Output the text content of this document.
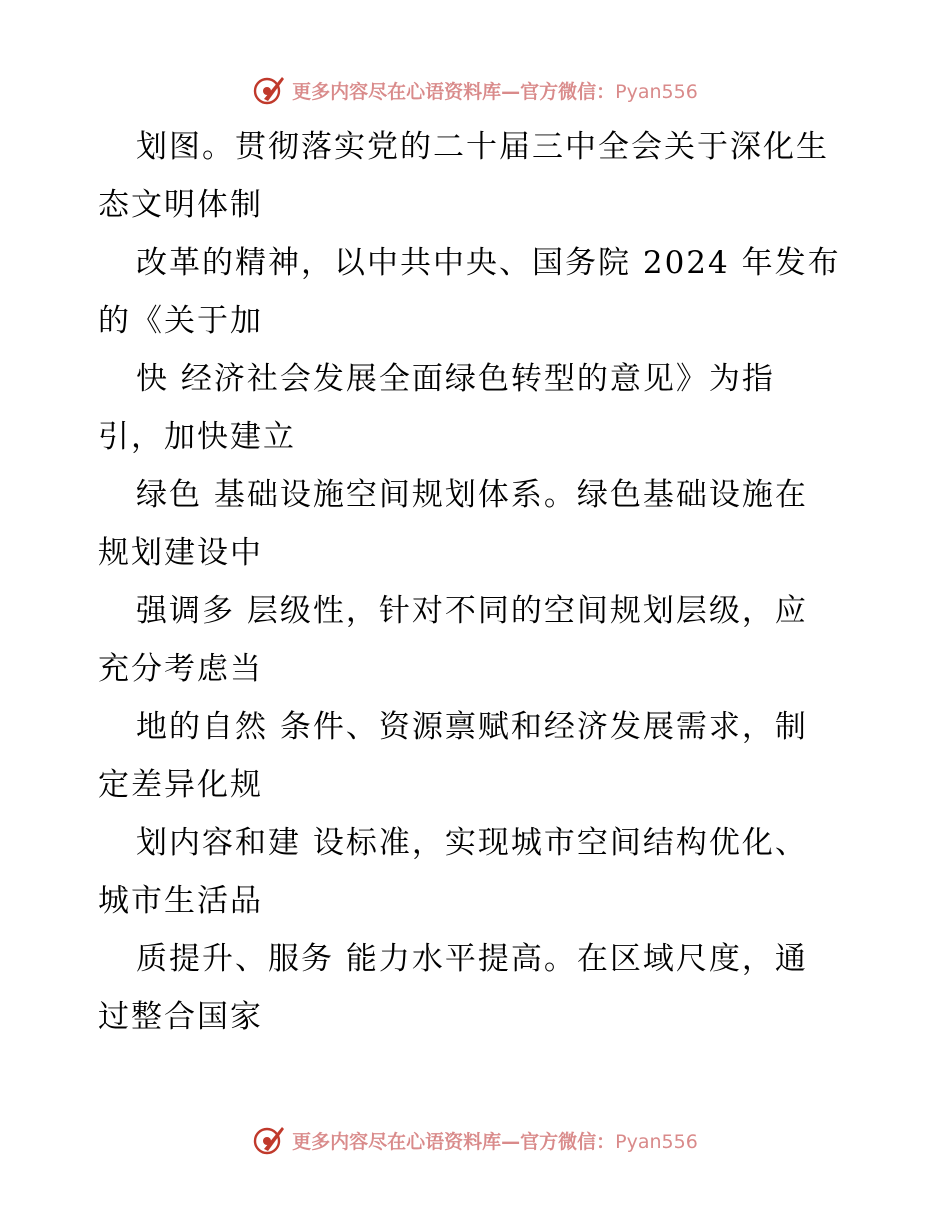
更多内容尽在心语资料库—官方微信：Pyan556
划图。贯彻落实党的二十届三中全会关于深化生
态文明体制
改革的精神，以中共中央、国务院 2024 年发布
的《关于加
快 经济社会发展全面绿色转型的意见》为指
引，加快建立
绿色 基础设施空间规划体系。绿色基础设施在
规划建设中
强调多 层级性，针对不同的空间规划层级，应
充分考虑当
地的自然 条件、资源禀赋和经济发展需求，制
定差异化规
划内容和建 设标准，实现城市空间结构优化、
城市生活品
质提升、服务 能力水平提高。在区域尺度，通
过整合国家
更多内容尽在心语资料库—官方微信：Pyan556
